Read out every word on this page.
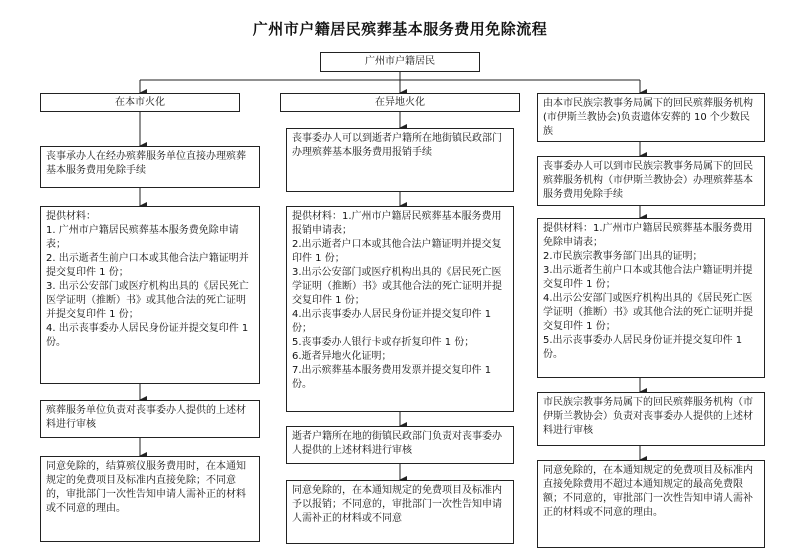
广州市户籍居民殡葬基本服务费用免除流程
广州市户籍居民
在本市火化

丧事承办人在经办殡葬服务单位直接办理殡葬基本服务费用免除手续

提供材料：

1. 广州市户籍居民殡葬基本服务费免除申请表；

2. 出示逝者生前户口本或其他合法户籍证明并提交复印件 1 份；

3. 出示公安部门或医疗机构出具的《居民死亡医学证明（推断）书》或其他合法的死亡证明并提交复印件 1 份；

4. 出示丧事委办人居民身份证并提交复印件 1 份。

殡葬服务单位负责对丧事委办人提供的上述材料进行审核

同意免除的，结算殡仪服务费用时，在本通知规定的免费项目及标准内直接免除；不同意的，审批部门一次性告知申请人需补正的材料或不同意的理由。

在异地火化

丧事委办人可以到逝者户籍所在地街镇民政部门办理殡葬基本服务费用报销手续

提供材料：1.广州市户籍居民殡葬基本服务费用报销申请表；

2.出示逝者户口本或其他合法户籍证明并提交复印件 1 份；

3.出示公安部门或医疗机构出具的《居民死亡医学证明（推断）书》或其他合法的死亡证明并提交复印件 1 份；

4.出示丧事委办人居民身份证并提交复印件 1 份；

5.丧事委办人银行卡或存折复印件 1 份；

6.逝者异地火化证明；

7.出示殡葬基本服务费用发票并提交复印件 1 份。

逝者户籍所在地的街镇民政部门负责对丧事委办人提供的上述材料进行审核

同意免除的，在本通知规定的免费项目及标准内予以报销；不同意的，审批部门一次性告知申请人需补正的材料或不同意

由本市民族宗教事务局属下的回民殡葬服务机构(市伊斯兰教协会)负责遗体安葬的 10 个少数民族

丧事委办人可以到市民族宗教事务局属下的回民殡葬服务机构（市伊斯兰教协会）办理殡葬基本服务费用免除手续

提供材料：1.广州市户籍居民殡葬基本服务费用免除申请表；

2.市民族宗教事务部门出具的证明；

3.出示逝者生前户口本或其他合法户籍证明并提交复印件 1 份；

4.出示公安部门或医疗机构出具的《居民死亡医学证明（推断）书》或其他合法的死亡证明并提交复印件 1 份；

5.出示丧事委办人居民身份证并提交复印件 1 份。

市民族宗教事务局属下的回民殡葬服务机构（市伊斯兰教协会）负责对丧事委办人提供的上述材料进行审核

同意免除的，在本通知规定的免费项目及标准内直接免除费用不超过本通知规定的最高免费限额；不同意的，审批部门一次性告知申请人需补正的材料或不同意的理由。
